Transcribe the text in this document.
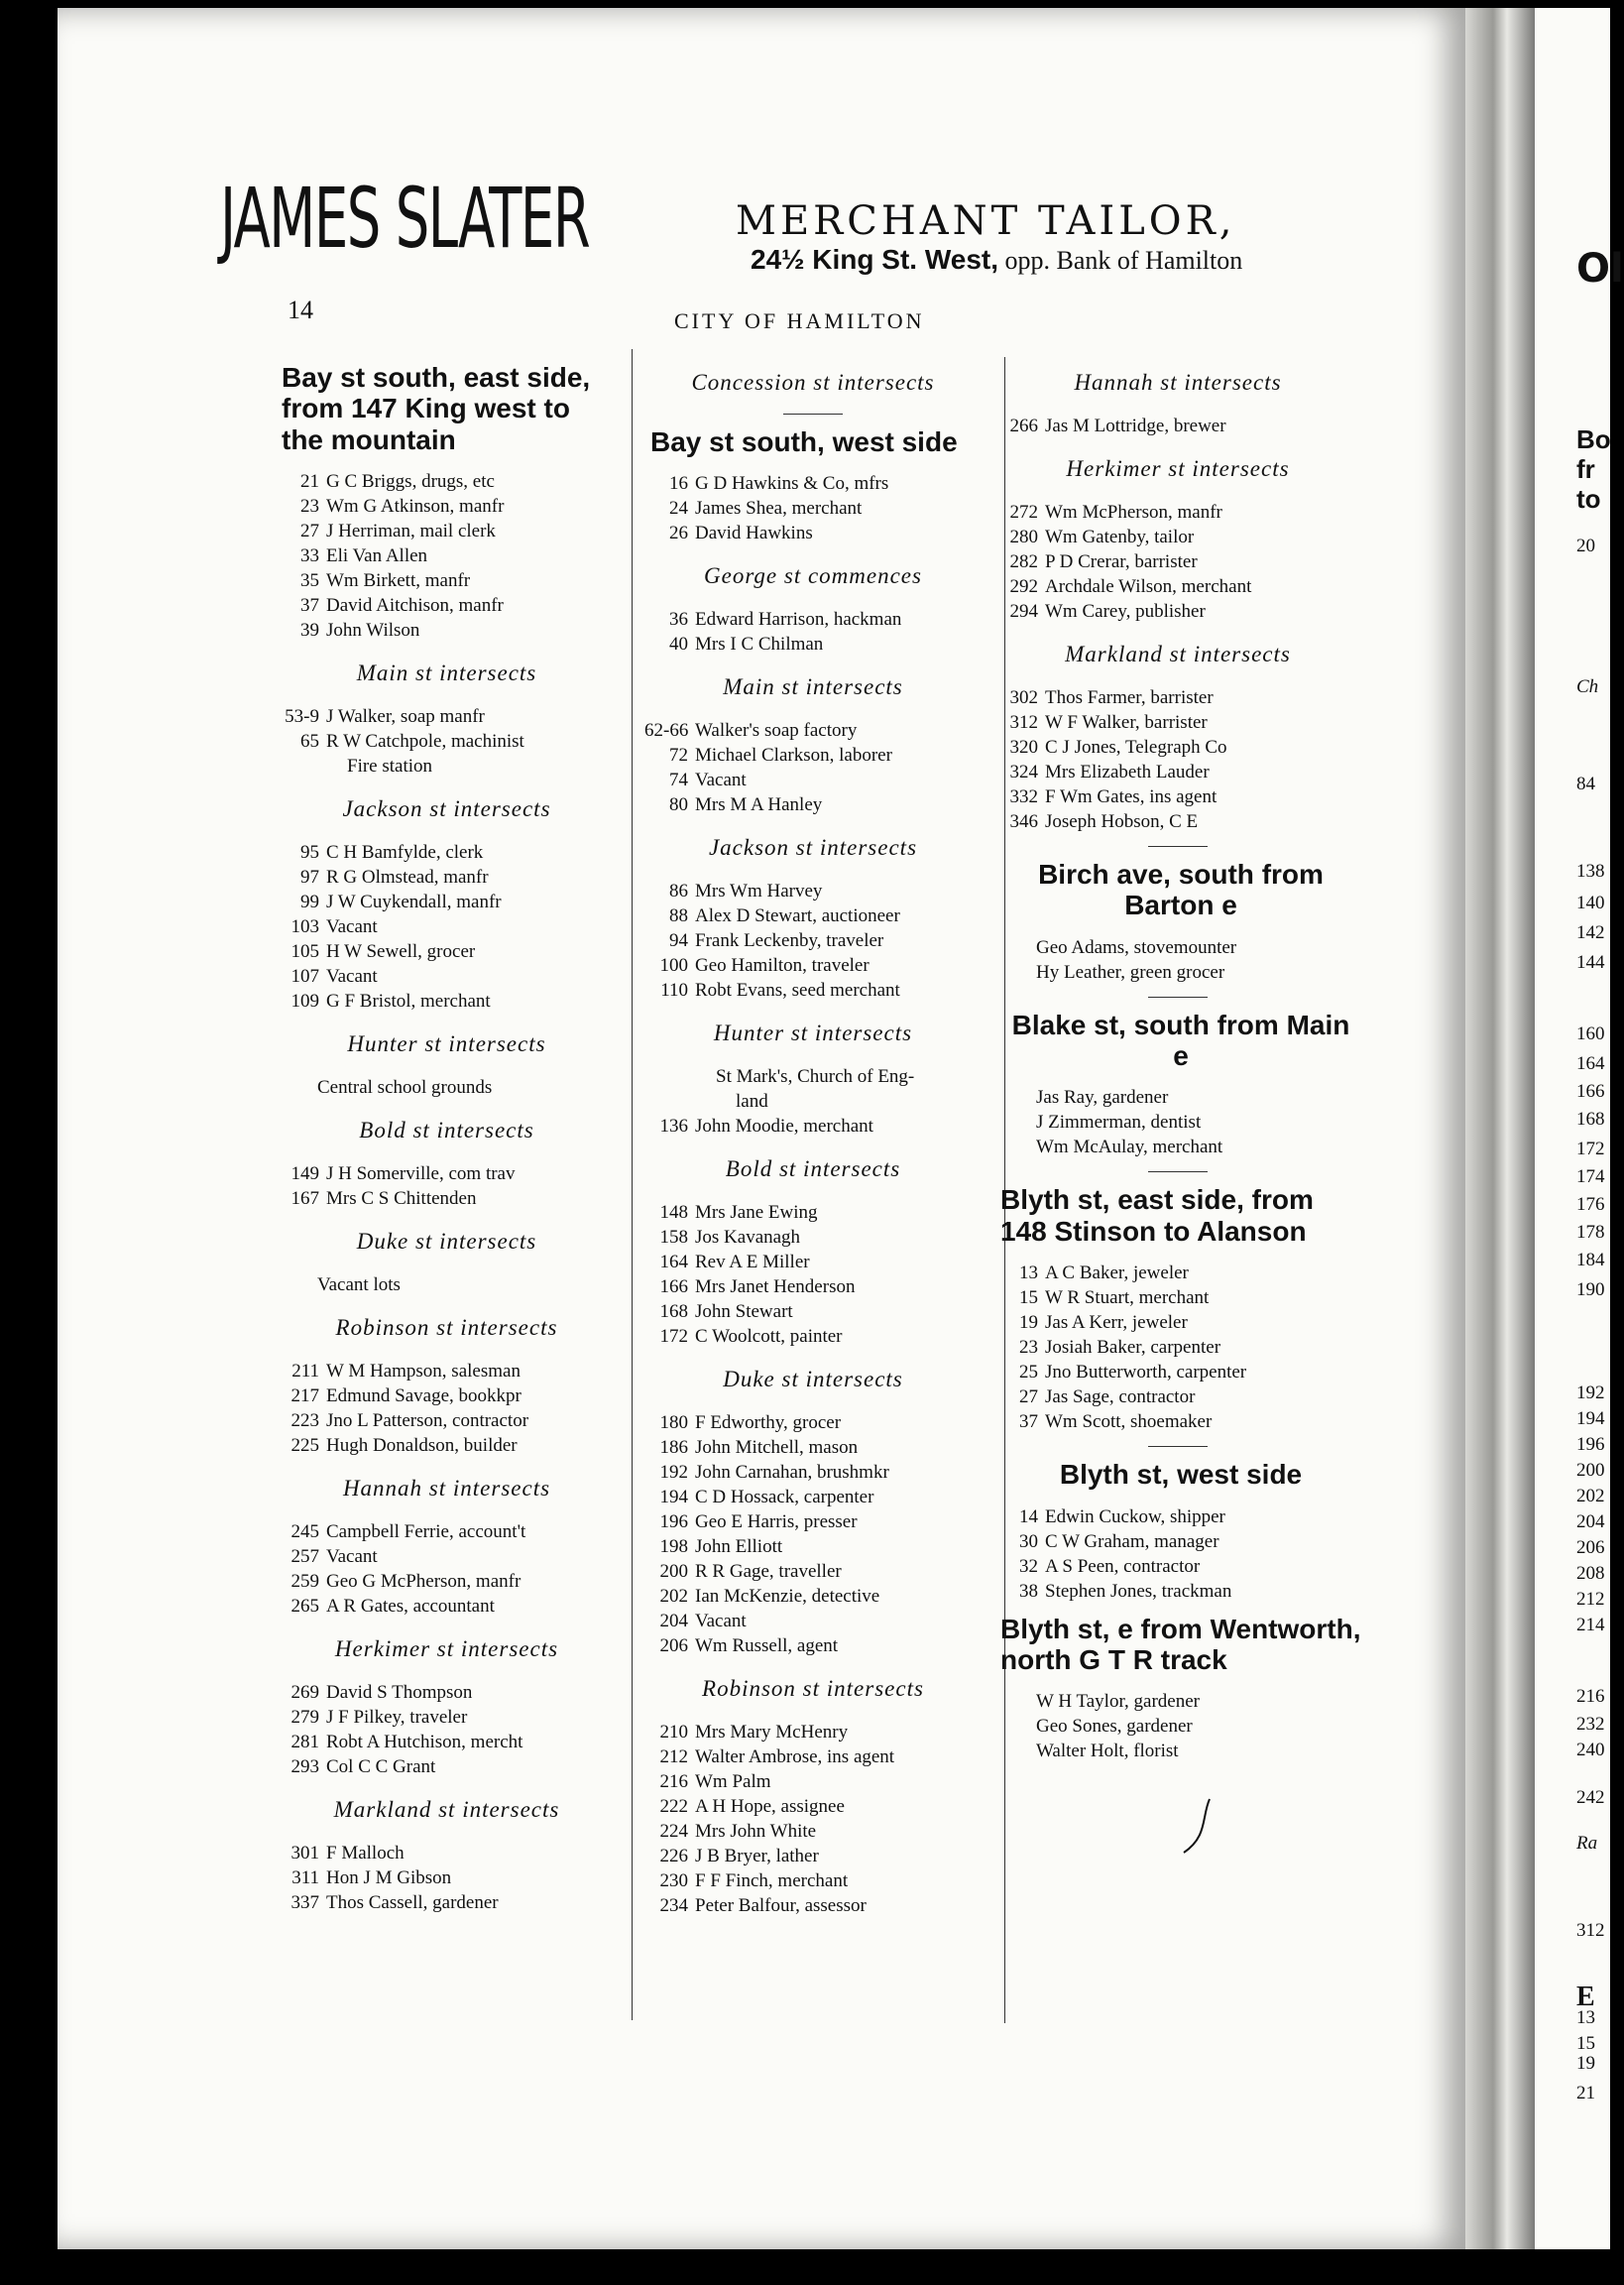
JAMES SLATER	MERCHANT TAILOR,
24½ King St. West, opp. Bank of Hamilton
14	CITY OF HAMILTON
Bay st south, east side, from 147 King west to the mountain
21 G C Briggs, drugs, etc
23 Wm G Atkinson, manfr
27 J Herriman, mail clerk
33 Eli Van Allen
35 Wm Birkett, manfr
37 David Aitchison, manfr
39 John Wilson
Main st intersects
53-9 J Walker, soap manfr
65 R W Catchpole, machinist
Fire station
Jackson st intersects
95 C H Bamfylde, clerk
97 R G Olmstead, manfr
99 J W Cuykendall, manfr
103 Vacant
105 H W Sewell, grocer
107 Vacant
109 G F Bristol, merchant
Hunter st intersects
Central school grounds
Bold st intersects
149 J H Somerville, com trav
167 Mrs C S Chittenden
Duke st intersects
Vacant lots
Robinson st intersects
211 W M Hampson, salesman
217 Edmund Savage, bookkpr
223 Jno L Patterson, contractor
225 Hugh Donaldson, builder
Hannah st intersects
245 Campbell Ferrie, account't
257 Vacant
259 Geo G McPherson, manfr
265 A R Gates, accountant
Herkimer st intersects
269 David S Thompson
279 J F Pilkey, traveler
281 Robt A Hutchison, mercht
293 Col C C Grant
Markland st intersects
301 F Malloch
311 Hon J M Gibson
337 Thos Cassell, gardener
Concession st intersects
Bay st south, west side
16 G D Hawkins & Co, mfrs
24 James Shea, merchant
26 David Hawkins
George st commences
36 Edward Harrison, hackman
40 Mrs I C Chilman
Main st intersects
62-66 Walker's soap factory
72 Michael Clarkson, laborer
74 Vacant
80 Mrs M A Hanley
Jackson st intersects
86 Mrs Wm Harvey
88 Alex D Stewart, auctioneer
94 Frank Leckenby, traveler
100 Geo Hamilton, traveler
110 Robt Evans, seed merchant
Hunter st intersects
St Mark's, Church of Eng-
land
136 John Moodie, merchant
Bold st intersects
148 Mrs Jane Ewing
158 Jos Kavanagh
164 Rev A E Miller
166 Mrs Janet Henderson
168 John Stewart
172 C Woolcott, painter
Duke st intersects
180 F Edworthy, grocer
186 John Mitchell, mason
192 John Carnahan, brushmkr
194 C D Hossack, carpenter
196 Geo E Harris, presser
198 John Elliott
200 R R Gage, traveller
202 Ian McKenzie, detective
204 Vacant
206 Wm Russell, agent
Robinson st intersects
210 Mrs Mary McHenry
212 Walter Ambrose, ins agent
216 Wm Palm
222 A H Hope, assignee
224 Mrs John White
226 J B Bryer, lather
230 F F Finch, merchant
234 Peter Balfour, assessor
Hannah st intersects
266 Jas M Lottridge, brewer
Herkimer st intersects
272 Wm McPherson, manfr
280 Wm Gatenby, tailor
282 P D Crerar, barrister
292 Archdale Wilson, merchant
294 Wm Carey, publisher
Markland st intersects
302 Thos Farmer, barrister
312 W F Walker, barrister
320 C J Jones, Telegraph Co
324 Mrs Elizabeth Lauder
332 F Wm Gates, ins agent
346 Joseph Hobson, C E
Birch ave, south from Barton e
Geo Adams, stovemounter
Hy Leather, green grocer
Blake st, south from Main e
Jas Ray, gardener
J Zimmerman, dentist
Wm McAulay, merchant
Blyth st, east side, from 148 Stinson to Alanson
13 A C Baker, jeweler
15 W R Stuart, merchant
19 Jas A Kerr, jeweler
23 Josiah Baker, carpenter
25 Jno Butterworth, carpenter
27 Jas Sage, contractor
37 Wm Scott, shoemaker
Blyth st, west side
14 Edwin Cuckow, shipper
30 C W Graham, manager
32 A S Peen, contractor
38 Stephen Jones, trackman
Blyth st, e from Wentworth, north G T R track
W H Taylor, gardener
Geo Sones, gardener
Walter Holt, florist
Ol
Bo
fr
to
20
Ch
84
138
140
142
144
160
164
166
168
172
174
176
178
184
190
192
194
196
200
202
204
206
208
212
214
216
232
240
242
Ra
312
E
13
15
19
21
